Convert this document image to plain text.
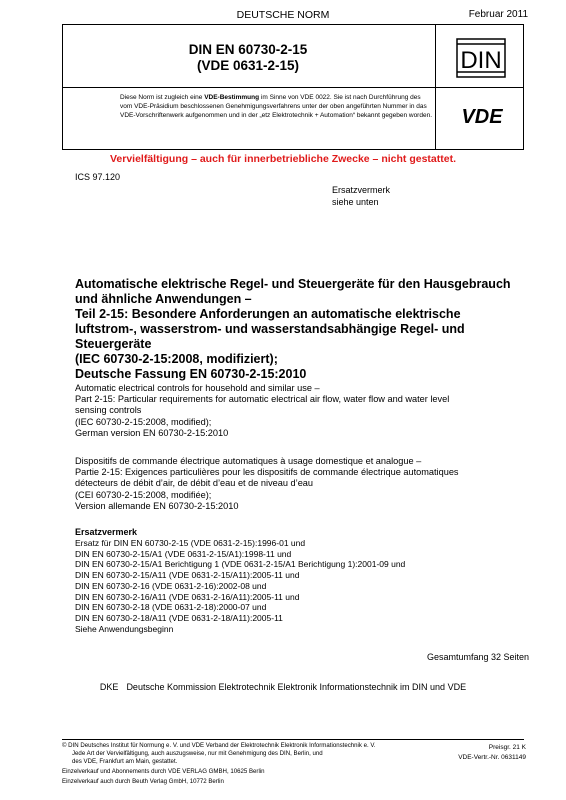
DEUTSCHE NORM	Februar 2011
DIN EN 60730-2-15
(VDE 0631-2-15)	DIN
Diese Norm ist zugleich eine VDE-Bestimmung im Sinne von VDE 0022. Sie ist nach Durchführung des vom VDE-Präsidium beschlossenen Genehmigungsverfahrens unter der oben angeführten Nummer in das VDE-Vorschriftenwerk aufgenommen und in der „etz Elektrotechnik + Automation“ bekannt gegeben worden. VDE
Vervielfältigung – auch für innerbetriebliche Zwecke – nicht gestattet.
ICS 97.120
Ersatzvermerk
siehe unten
Automatische elektrische Regel- und Steuergeräte für den Hausgebrauch
und ähnliche Anwendungen –
Teil 2-15: Besondere Anforderungen an automatische elektrische
luftstrom-, wasserstrom- und wasserstandsabhängige Regel- und
Steuergeräte
(IEC 60730-2-15:2008, modifiziert);
Deutsche Fassung EN 60730-2-15:2010
Automatic electrical controls for household and similar use –
Part 2-15: Particular requirements for automatic electrical air flow, water flow and water level
sensing controls
(IEC 60730-2-15:2008, modified);
German version EN 60730-2-15:2010
Dispositifs de commande électrique automatiques à usage domestique et analogue –
Partie 2-15: Exigences particulières pour les dispositifs de commande électrique automatiques
détecteurs de débit d’air, de débit d’eau et de niveau d’eau
(CEI 60730-2-15:2008, modifiée);
Version allemande EN 60730-2-15:2010
Ersatzvermerk
Ersatz für DIN EN 60730-2-15 (VDE 0631-2-15):1996-01 und
DIN EN 60730-2-15/A1 (VDE 0631-2-15/A1):1998-11 und
DIN EN 60730-2-15/A1 Berichtigung 1 (VDE 0631-2-15/A1 Berichtigung 1):2001-09 und
DIN EN 60730-2-15/A11 (VDE 0631-2-15/A11):2005-11 und
DIN EN 60730-2-16 (VDE 0631-2-16):2002-08 und
DIN EN 60730-2-16/A11 (VDE 0631-2-16/A11):2005-11 und
DIN EN 60730-2-18 (VDE 0631-2-18):2000-07 und
DIN EN 60730-2-18/A11 (VDE 0631-2-18/A11):2005-11
Siehe Anwendungsbeginn
Gesamtumfang 32 Seiten
DKE Deutsche Kommission Elektrotechnik Elektronik Informationstechnik im DIN und VDE
© DIN Deutsches Institut für Normung e. V. und VDE Verband der Elektrotechnik Elektronik Informationstechnik e. V.
Jede Art der Vervielfältigung, auch auszugsweise, nur mit Genehmigung des DIN, Berlin, und
des VDE, Frankfurt am Main, gestattet.
Preisgr. 21 K
VDE-Vertr.-Nr. 0631149
Einzelverkauf und Abonnements durch VDE VERLAG GMBH, 10625 Berlin
Einzelverkauf auch durch Beuth Verlag GmbH, 10772 Berlin
